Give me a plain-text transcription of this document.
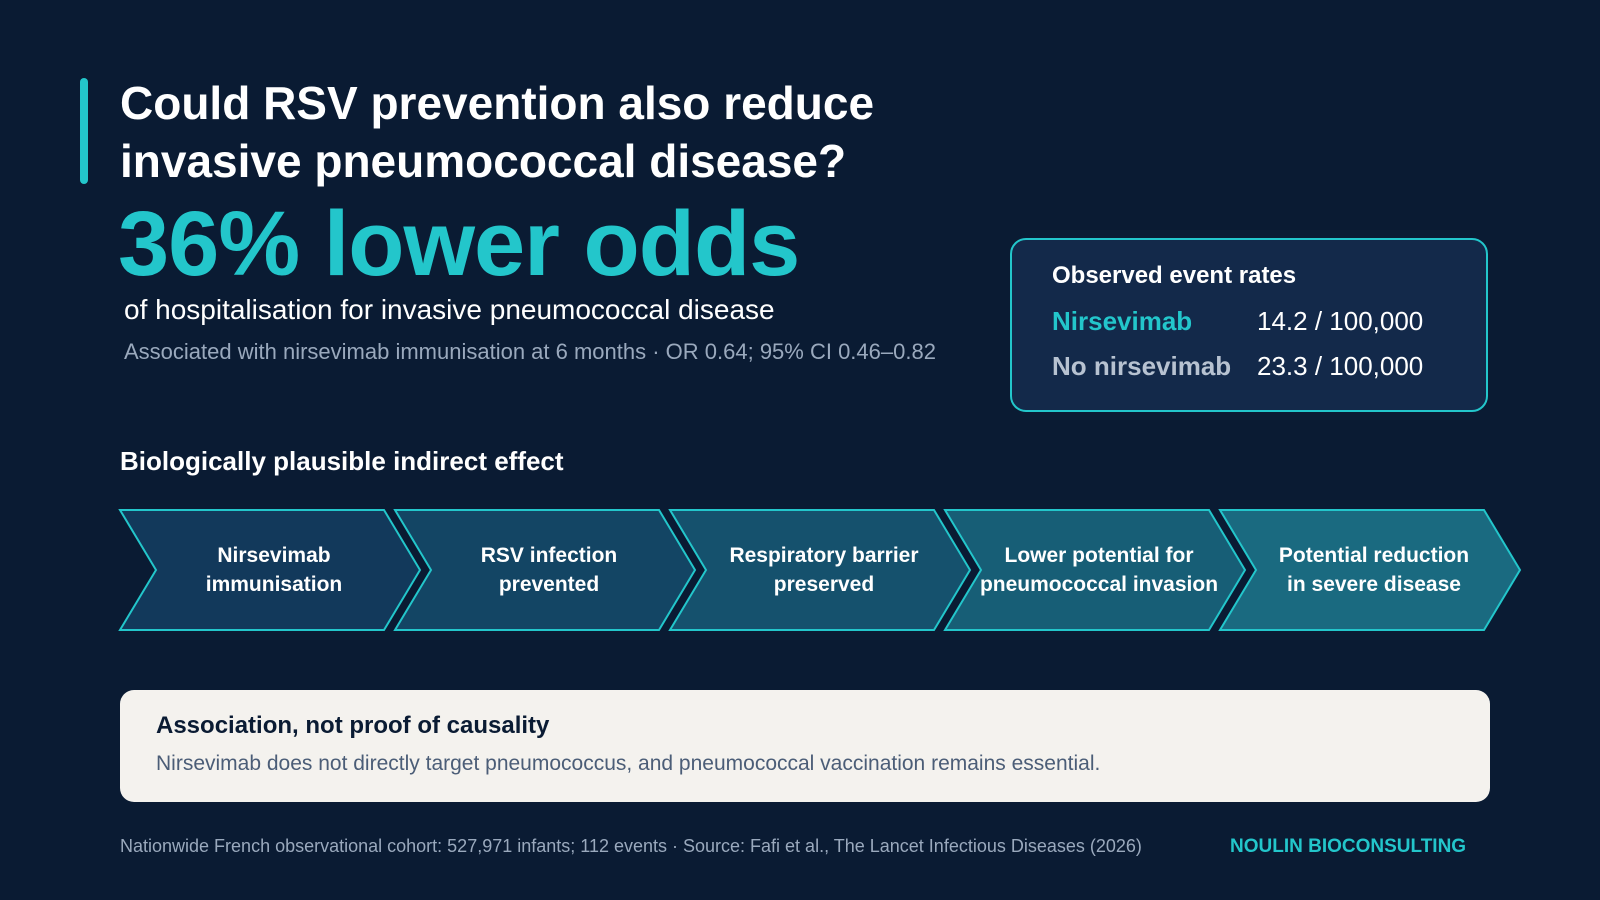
Could RSV prevention also reduce
invasive pneumococcal disease?
36% lower odds
of hospitalisation for invasive pneumococcal disease
Associated with nirsevimab immunisation at 6 months · OR 0.64; 95% CI 0.46–0.82
Observed event rates
Nirsevimab 14.2 / 100,000
No nirsevimab 23.3 / 100,000
Biologically plausible indirect effect
Nirsevimab
immunisation
RSV infection
prevented
Respiratory barrier
preserved
Lower potential for
pneumococcal invasion
Potential reduction
in severe disease
Association, not proof of causality
Nirsevimab does not directly target pneumococcus, and pneumococcal vaccination remains essential.
Nationwide French observational cohort: 527,971 infants; 112 events · Source: Fafi et al., The Lancet Infectious Diseases (2026)	NOULIN BIOCONSULTING
